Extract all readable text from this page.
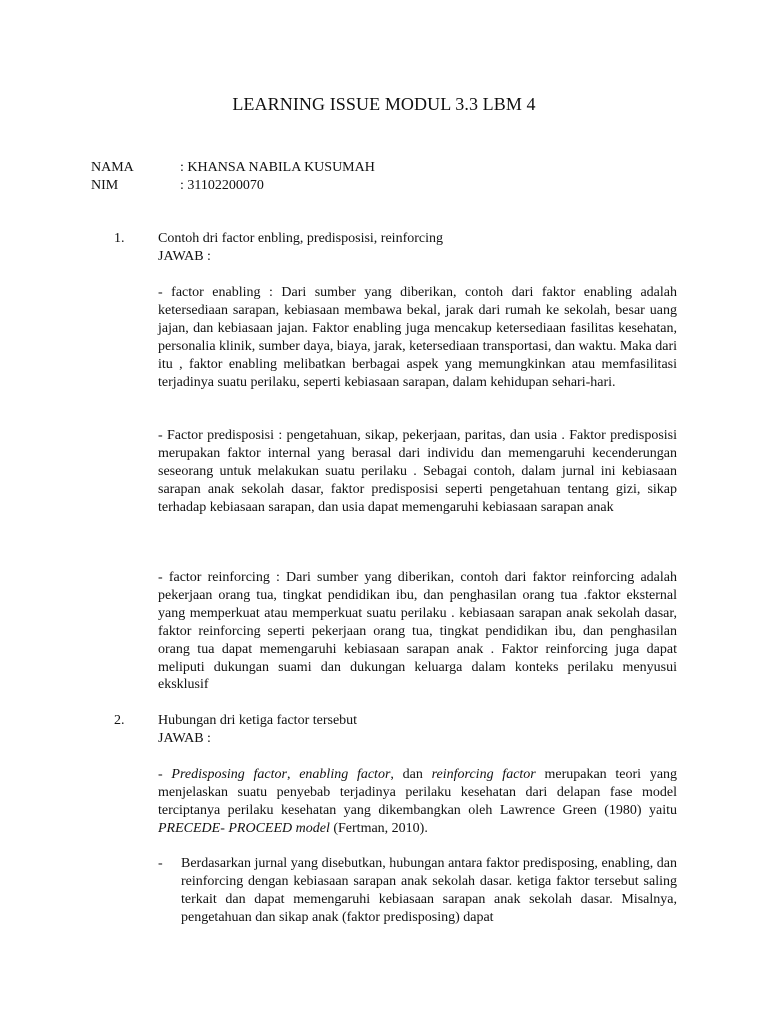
LEARNING ISSUE MODUL 3.3 LBM 4
NAMA	: KHANSA NABILA KUSUMAH
NIM	: 31102200070
1. Contoh dri factor enbling, predisposisi, reinforcing
JAWAB :
- factor enabling : Dari sumber yang diberikan, contoh dari faktor enabling adalah ketersediaan sarapan, kebiasaan membawa bekal, jarak dari rumah ke sekolah, besar uang jajan, dan kebiasaan jajan. Faktor enabling juga mencakup ketersediaan fasilitas kesehatan, personalia klinik, sumber daya, biaya, jarak, ketersediaan transportasi, dan waktu. Maka dari itu , faktor enabling melibatkan berbagai aspek yang memungkinkan atau memfasilitasi terjadinya suatu perilaku, seperti kebiasaan sarapan, dalam kehidupan sehari-hari.
- Factor predisposisi : pengetahuan, sikap, pekerjaan, paritas, dan usia . Faktor predisposisi merupakan faktor internal yang berasal dari individu dan memengaruhi kecenderungan seseorang untuk melakukan suatu perilaku . Sebagai contoh, dalam jurnal ini kebiasaan sarapan anak sekolah dasar, faktor predisposisi seperti pengetahuan tentang gizi, sikap terhadap kebiasaan sarapan, dan usia dapat memengaruhi kebiasaan sarapan anak
- factor reinforcing : Dari sumber yang diberikan, contoh dari faktor reinforcing adalah pekerjaan orang tua, tingkat pendidikan ibu, dan penghasilan orang tua .faktor eksternal yang memperkuat atau memperkuat suatu perilaku . kebiasaan sarapan anak sekolah dasar, faktor reinforcing seperti pekerjaan orang tua, tingkat pendidikan ibu, dan penghasilan orang tua dapat memengaruhi kebiasaan sarapan anak . Faktor reinforcing juga dapat meliputi dukungan suami dan dukungan keluarga dalam konteks perilaku menyusui eksklusif
2. Hubungan dri ketiga factor tersebut
JAWAB :
- Predisposing factor, enabling factor, dan reinforcing factor merupakan teori yang menjelaskan suatu penyebab terjadinya perilaku kesehatan dari delapan fase model terciptanya perilaku kesehatan yang dikembangkan oleh Lawrence Green (1980) yaitu PRECEDE- PROCEED model (Fertman, 2010).
- Berdasarkan jurnal yang disebutkan, hubungan antara faktor predisposing, enabling, dan reinforcing dengan kebiasaan sarapan anak sekolah dasar. ketiga faktor tersebut saling terkait dan dapat memengaruhi kebiasaan sarapan anak sekolah dasar. Misalnya, pengetahuan dan sikap anak (faktor predisposing) dapat
